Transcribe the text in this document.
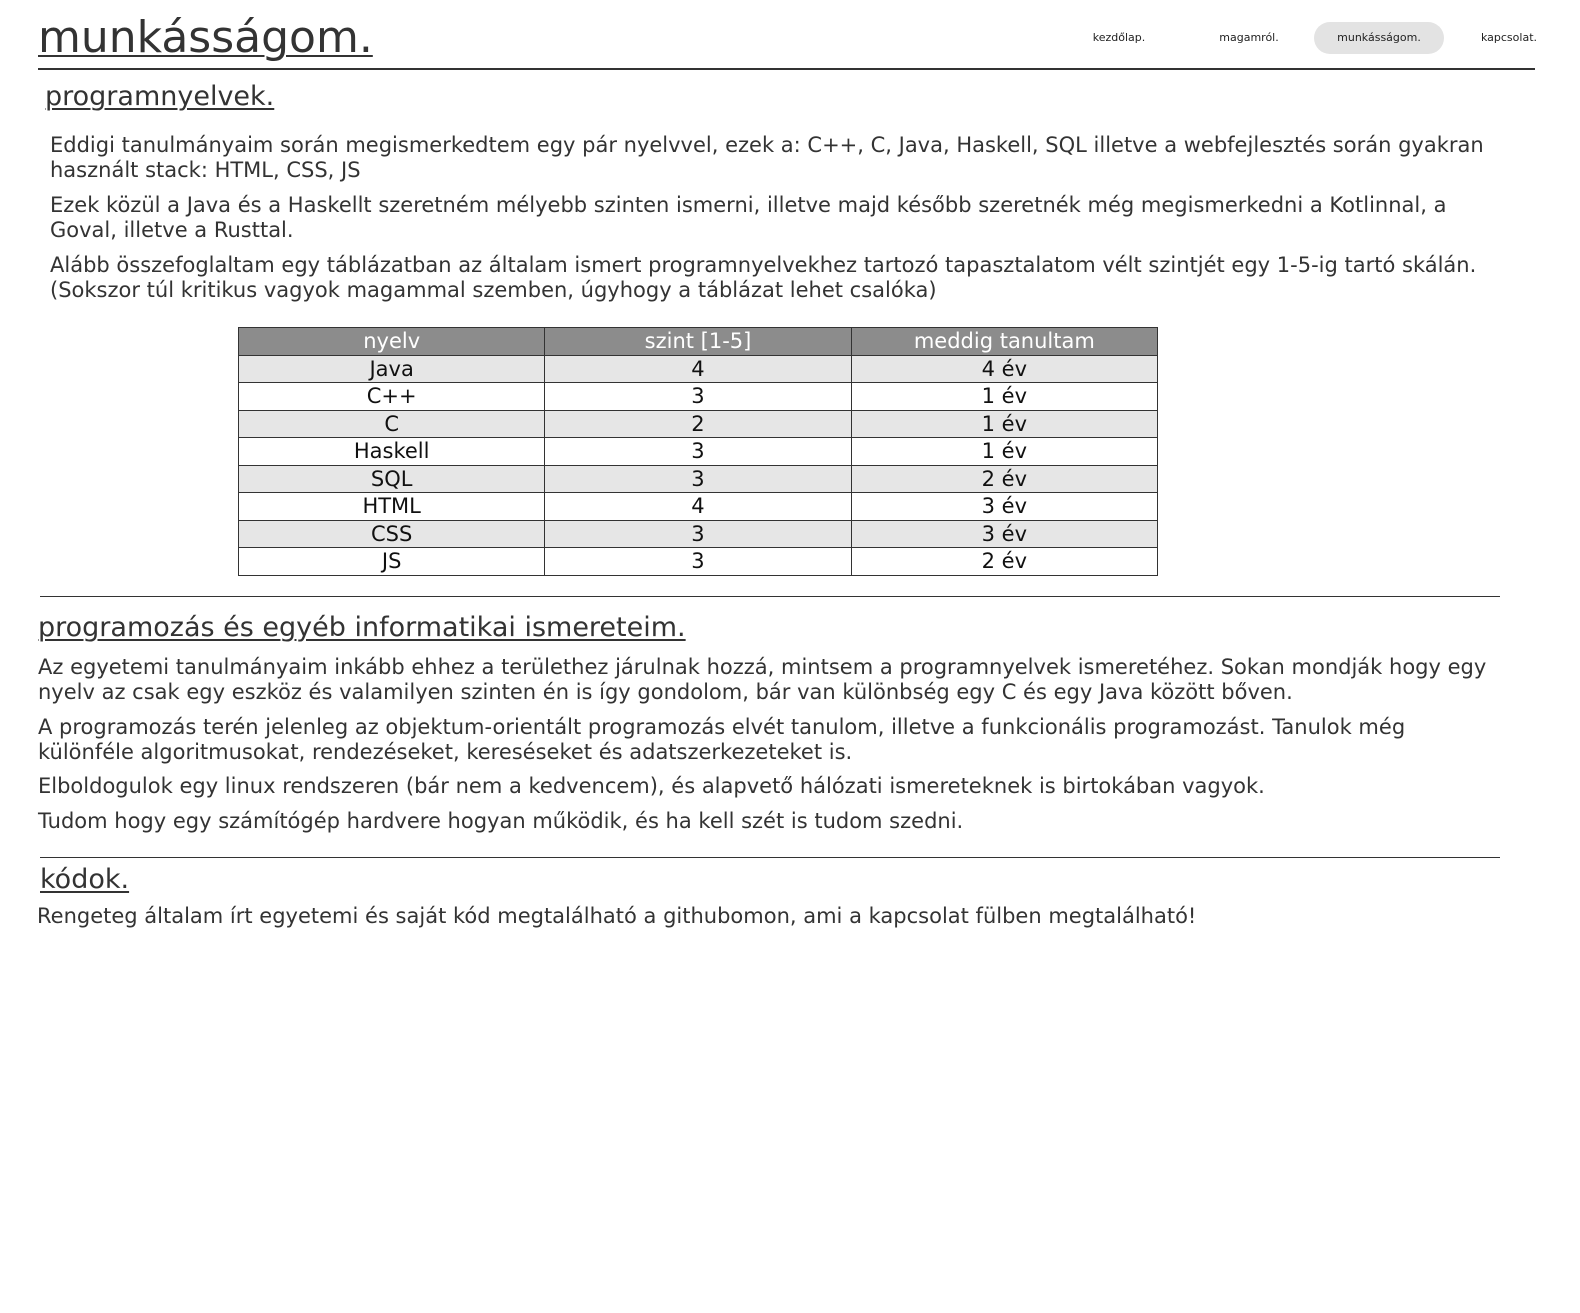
munkásságom.	kezdőlap.	magamról.	munkásságom.	kapcsolat.
programnyelvek.

Eddigi tanulmányaim során megismerkedtem egy pár nyelvvel, ezek a: C++, C, Java, Haskell, SQL illetve a webfejlesztés során gyakran használt stack: HTML, CSS, JS

Ezek közül a Java és a Haskellt szeretném mélyebb szinten ismerni, illetve majd később szeretnék még megismerkedni a Kotlinnal, a Goval, illetve a Rusttal.

Alább összefoglaltam egy táblázatban az általam ismert programnyelvekhez tartozó tapasztalatom vélt szintjét egy 1-5-ig tartó skálán. (Sokszor túl kritikus vagyok magammal szemben, úgyhogy a táblázat lehet csalóka)

nyelv	szint [1-5]	meddig tanultam
Java	4	4 év
C++	3	1 év
C	2	1 év
Haskell	3	1 év
SQL	3	2 év
HTML	4	3 év
CSS	3	3 év
JS	3	2 év
programozás és egyéb informatikai ismereteim.

Az egyetemi tanulmányaim inkább ehhez a területhez járulnak hozzá, mintsem a programnyelvek ismeretéhez. Sokan mondják hogy egy nyelv az csak egy eszköz és valamilyen szinten én is így gondolom, bár van különbség egy C és egy Java között bőven.

A programozás terén jelenleg az objektum-orientált programozás elvét tanulom, illetve a funkcionális programozást. Tanulok még különféle algoritmusokat, rendezéseket, kereséseket és adatszerkezeteket is.

Elboldogulok egy linux rendszeren (bár nem a kedvencem), és alapvető hálózati ismereteknek is birtokában vagyok.

Tudom hogy egy számítógép hardvere hogyan működik, és ha kell szét is tudom szedni.

kódok.

Rengeteg általam írt egyetemi és saját kód megtalálható a githubomon, ami a kapcsolat fülben megtalálható!
